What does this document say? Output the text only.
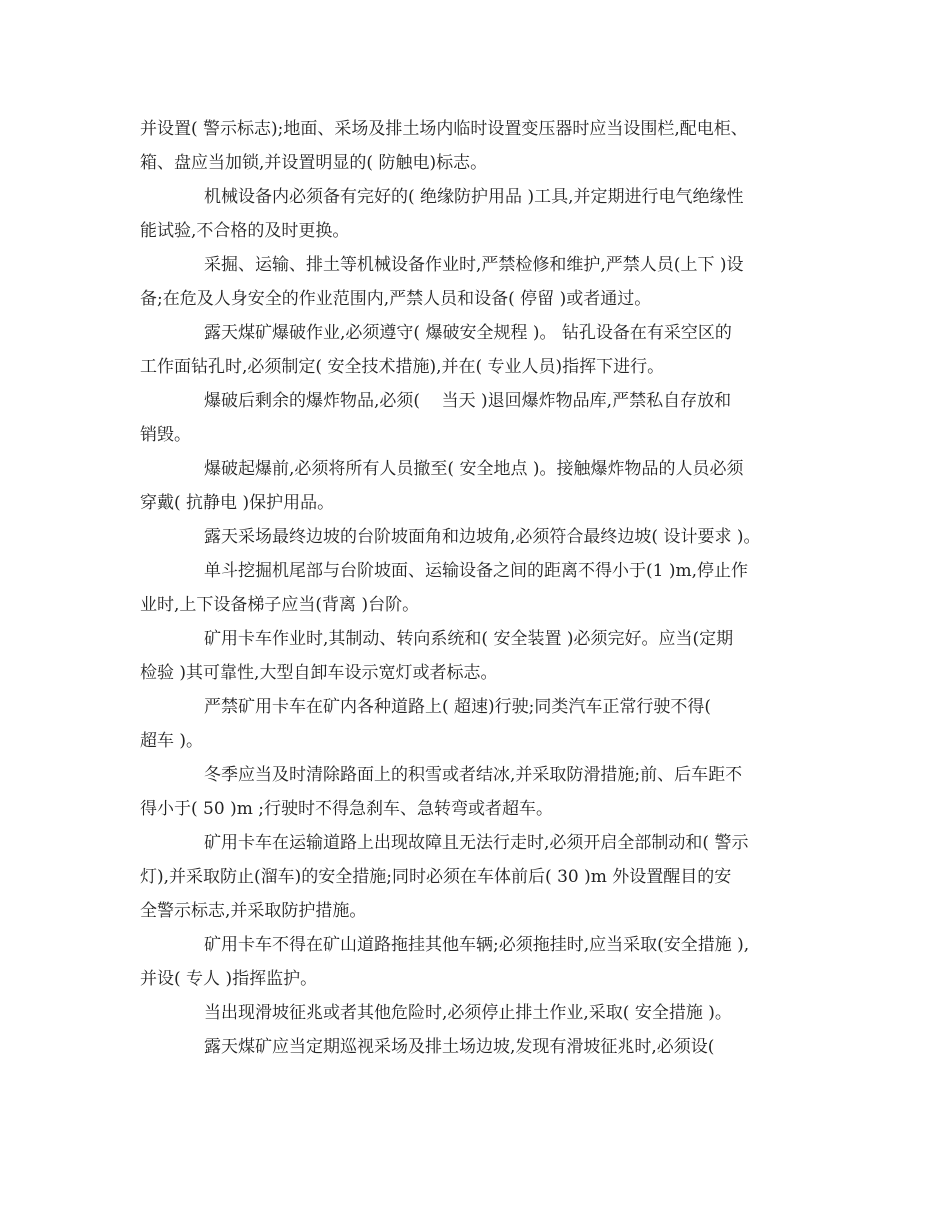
并设置( 警示标志);地面、采场及排土场内临时设置变压器时应当设围栏,配电柜、
箱、盘应当加锁,并设置明显的( 防触电)标志。
机械设备内必须备有完好的( 绝缘防护用品 )工具,并定期进行电气绝缘性
能试验,不合格的及时更换。
采掘、运输、排土等机械设备作业时,严禁检修和维护,严禁人员(上下 )设
备;在危及人身安全的作业范围内,严禁人员和设备( 停留 )或者通过。
露天煤矿爆破作业,必须遵守( 爆破安全规程 )。 钻孔设备在有采空区的
工作面钻孔时,必须制定( 安全技术措施),并在( 专业人员)指挥下进行。
爆破后剩余的爆炸物品,必须(    当天 )退回爆炸物品库,严禁私自存放和
销毁。
爆破起爆前,必须将所有人员撤至( 安全地点 )。接触爆炸物品的人员必须
穿戴( 抗静电 )保护用品。
露天采场最终边坡的台阶坡面角和边坡角,必须符合最终边坡( 设计要求 )。
单斗挖掘机尾部与台阶坡面、运输设备之间的距离不得小于(1 )m,停止作
业时,上下设备梯子应当(背离 )台阶。
矿用卡车作业时,其制动、转向系统和( 安全装置 )必须完好。应当(定期
检验 )其可靠性,大型自卸车设示宽灯或者标志。
严禁矿用卡车在矿内各种道路上( 超速)行驶;同类汽车正常行驶不得(
超车 )。
冬季应当及时清除路面上的积雪或者结冰,并采取防滑措施;前、后车距不
得小于( 50 )m ;行驶时不得急刹车、急转弯或者超车。
矿用卡车在运输道路上出现故障且无法行走时,必须开启全部制动和( 警示
灯),并采取防止(溜车)的安全措施;同时必须在车体前后( 30 )m 外设置醒目的安
全警示标志,并采取防护措施。
矿用卡车不得在矿山道路拖挂其他车辆;必须拖挂时,应当采取(安全措施 ),
并设( 专人 )指挥监护。
当出现滑坡征兆或者其他危险时,必须停止排土作业,采取( 安全措施 )。
露天煤矿应当定期巡视采场及排土场边坡,发现有滑坡征兆时,必须设(
